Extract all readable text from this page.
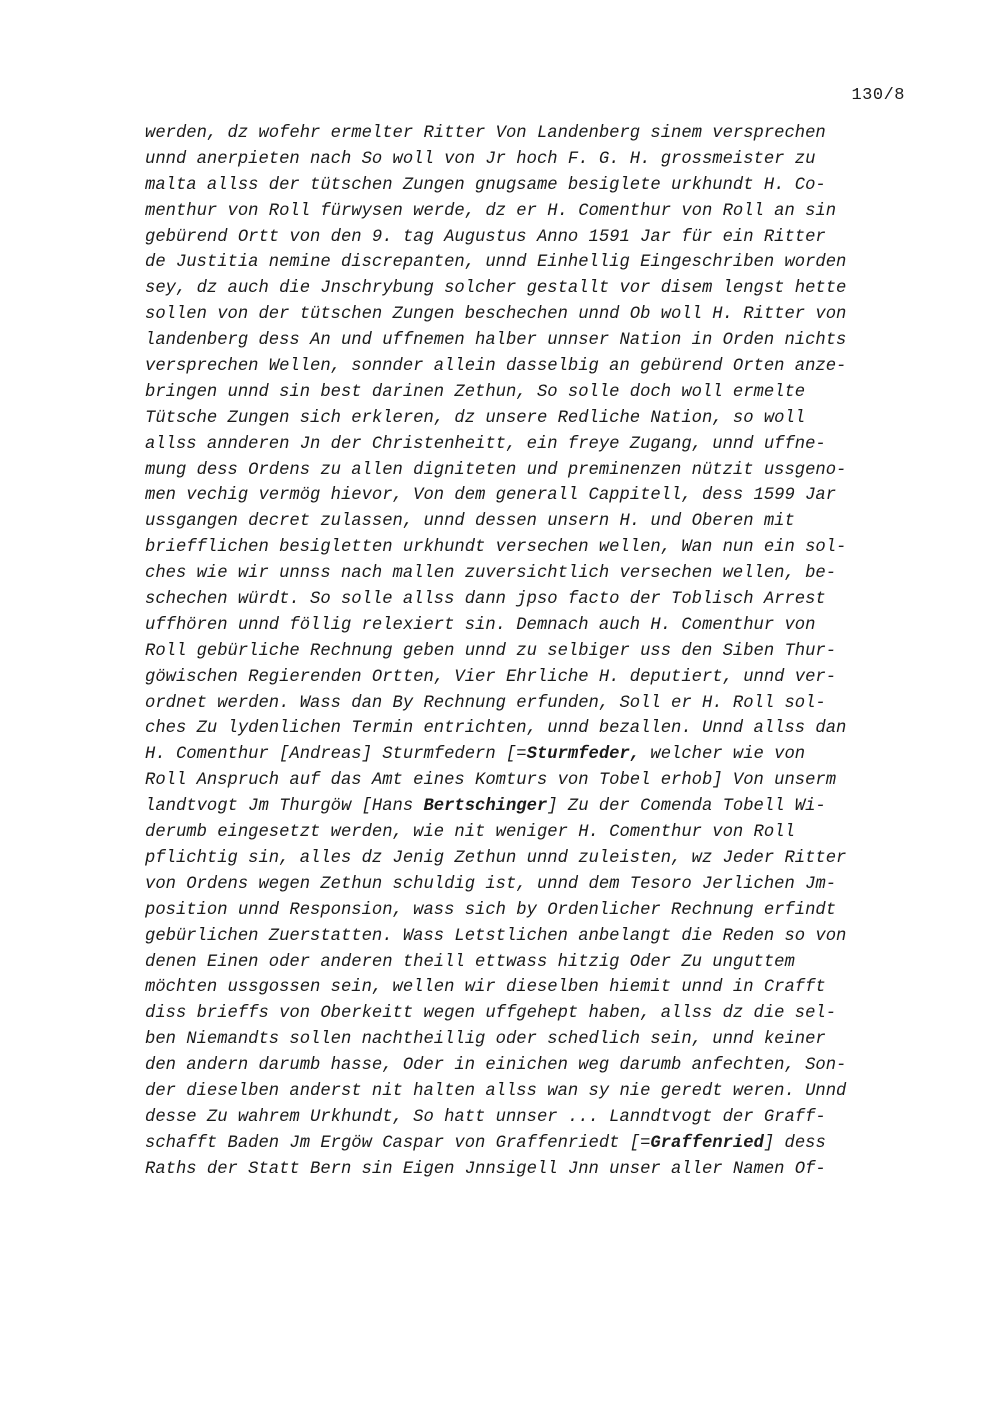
130/8
werden, dz wofehr ermelter Ritter Von Landenberg sinem versprechen
unnd anerpieten nach So woll von Jr hoch F. G. H. grossmeister zu
malta allss der tütschen Zungen gnugsame besiglete urkhundt H. Co-
menthur von Roll fürwysen werde, dz er H. Comenthur von Roll an sin
gebürend Ortt von den 9. tag Augustus Anno 1591 Jar für ein Ritter
de Justitia nemine discrepanten, unnd Einhellig Eingeschriben worden
sey, dz auch die Jnschrybung solcher gestallt vor disem lengst hette
sollen von der tütschen Zungen beschechen unnd Ob woll H. Ritter von
landenberg dess An und uffnemen halber unnser Nation in Orden nichts
versprechen Wellen, sonnder allein dasselbig an gebürend Orten anze-
bringen unnd sin best darinen Zethun, So solle doch woll ermelte
Tütsche Zungen sich erkleren, dz unsere Redliche Nation, so woll
allss annderen Jn der Christenheitt, ein freye Zugang, unnd uffne-
mung dess Ordens zu allen digniteten und preminenzen nützit ussgeno-
men vechig vermög hievor, Von dem generall Cappitell, dess 1599 Jar
ussgangen decret zulassen, unnd dessen unsern H. und Oberen mit
briefflichen besigletten urkhundt versechen wellen, Wan nun ein sol-
ches wie wir unnss nach mallen zuversichtlich versechen wellen, be-
schechen würdt. So solle allss dann jpso facto der Toblisch Arrest
uffhören unnd föllig relexiert sin. Demnach auch H. Comenthur von
Roll gebürliche Rechnung geben unnd zu selbiger uss den Siben Thur-
göwischen Regierenden Ortten, Vier Ehrliche H. deputiert, unnd ver-
ordnet werden. Wass dan By Rechnung erfunden, Soll er H. Roll sol-
ches Zu lydenlichen Termin entrichten, unnd bezallen. Unnd allss dan
H. Comenthur [Andreas] Sturmfedern [=Sturmfeder, welcher wie von
Roll Anspruch auf das Amt eines Komturs von Tobel erhob] Von unserm
landtvogt Jm Thurgöw [Hans Bertschinger] Zu der Comenda Tobell Wi-
derumb eingesetzt werden, wie nit weniger H. Comenthur von Roll
pflichtig sin, alles dz Jenig Zethun unnd zuleisten, wz Jeder Ritter
von Ordens wegen Zethun schuldig ist, unnd dem Tesoro Jerlichen Jm-
position unnd Responsion, wass sich by Ordenlicher Rechnung erfindt
gebürlichen Zuerstatten. Wass Letstlichen anbelangt die Reden so von
denen Einen oder anderen theill ettwass hitzig Oder Zu unguttem
möchten ussgossen sein, wellen wir dieselben hiemit unnd in Crafft
diss brieffs von Oberkeitt wegen uffgehept haben, allss dz die sel-
ben Niemandts sollen nachtheillig oder schedlich sein, unnd keiner
den andern darumb hasse, Oder in einichen weg darumb anfechten, Son-
der dieselben anderst nit halten allss wan sy nie geredt weren. Unnd
desse Zu wahrem Urkhundt, So hatt unnser ... Lanndtvogt der Graff-
schafft Baden Jm Ergöw Caspar von Graffenriedt [=Graffenried] dess
Raths der Statt Bern sin Eigen Jnnsigell Jnn unser aller Namen Of-
